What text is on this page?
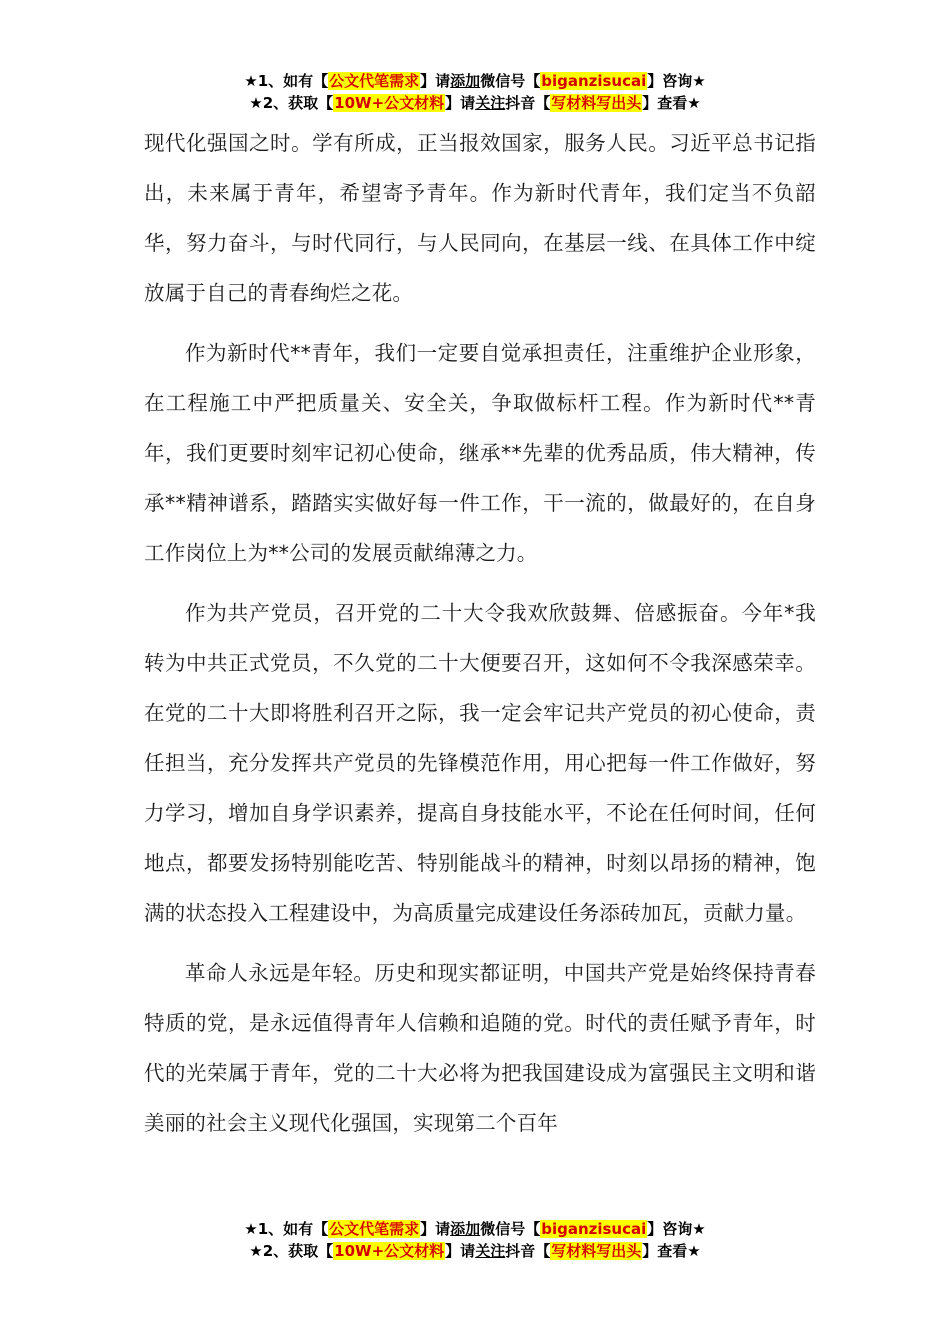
★1、如有【公文代笔需求】请添加微信号【biganzisucai】咨询★
★2、获取【10W+公文材料】请关注抖音【写材料写出头】查看★

现代化强国之时。学有所成，正当报效国家，服务人民。习近平总书记指出，未来属于青年，希望寄予青年。作为新时代青年，我们定当不负韶华，努力奋斗，与时代同行，与人民同向，在基层一线、在具体工作中绽放属于自己的青春绚烂之花。

作为新时代**青年，我们一定要自觉承担责任，注重维护企业形象，在工程施工中严把质量关、安全关，争取做标杆工程。作为新时代**青年，我们更要时刻牢记初心使命，继承**先辈的优秀品质，伟大精神，传承**精神谱系，踏踏实实做好每一件工作，干一流的，做最好的，在自身工作岗位上为**公司的发展贡献绵薄之力。

作为共产党员，召开党的二十大令我欢欣鼓舞、倍感振奋。今年*我转为中共正式党员，不久党的二十大便要召开，这如何不令我深感荣幸。在党的二十大即将胜利召开之际，我一定会牢记共产党员的初心使命，责任担当，充分发挥共产党员的先锋模范作用，用心把每一件工作做好，努力学习，增加自身学识素养，提高自身技能水平，不论在任何时间，任何地点，都要发扬特别能吃苦、特别能战斗的精神，时刻以昂扬的精神，饱满的状态投入工程建设中，为高质量完成建设任务添砖加瓦，贡献力量。

革命人永远是年轻。历史和现实都证明，中国共产党是始终保持青春特质的党，是永远值得青年人信赖和追随的党。时代的责任赋予青年，时代的光荣属于青年，党的二十大必将为把我国建设成为富强民主文明和谐美丽的社会主义现代化强国，实现第二个百年

★1、如有【公文代笔需求】请添加微信号【biganzisucai】咨询★
★2、获取【10W+公文材料】请关注抖音【写材料写出头】查看★
